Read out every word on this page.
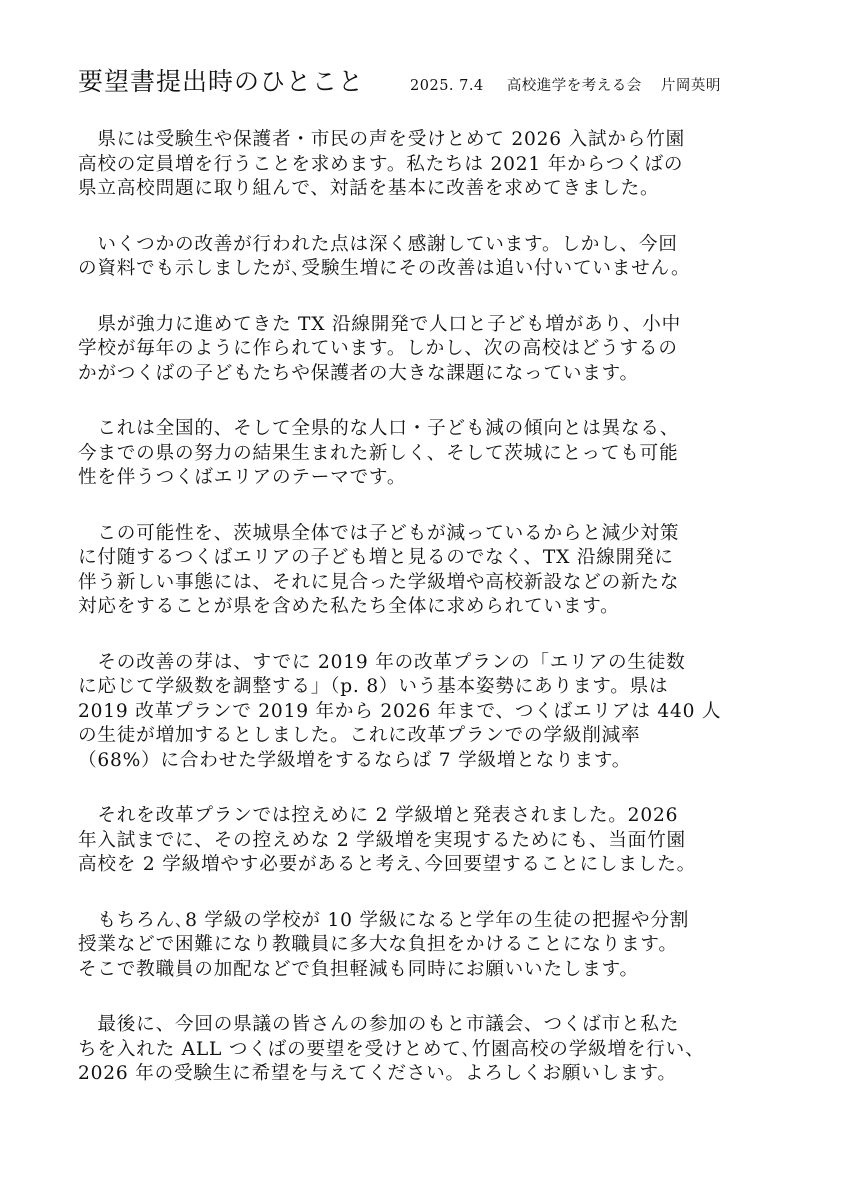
要望書提出時のひとこと	2025. 7.4 高校進学を考える会 片岡英明
　県には受験生や保護者・市民の声を受けとめて 2026 入試から竹園
高校の定員増を行うことを求めます。私たちは 2021 年からつくばの
県立高校問題に取り組んで、対話を基本に改善を求めてきました。
　いくつかの改善が行われた点は深く感謝しています。しかし、今回
の資料でも示しましたが､受験生増にその改善は追い付いていません。
　県が強力に進めてきた TX 沿線開発で人口と子ども増があり、小中
学校が毎年のように作られています。しかし、次の高校はどうするの
かがつくばの子どもたちや保護者の大きな課題になっています。
　これは全国的、そして全県的な人口・子ども減の傾向とは異なる、
今までの県の努力の結果生まれた新しく、そして茨城にとっても可能
性を伴うつくばエリアのテーマです。
　この可能性を、茨城県全体では子どもが減っているからと減少対策
に付随するつくばエリアの子ども増と見るのでなく、TX 沿線開発に
伴う新しい事態には、それに見合った学級増や高校新設などの新たな
対応をすることが県を含めた私たち全体に求められています。
　その改善の芽は、すでに 2019 年の改革プランの「エリアの生徒数
に応じて学級数を調整する」（p. 8）いう基本姿勢にあります。県は
2019 改革プランで 2019 年から 2026 年まで、つくばエリアは 440 人
の生徒が増加するとしました。これに改革プランでの学級削減率
（68%）に合わせた学級増をするならば 7 学級増となります。
　それを改革プランでは控えめに 2 学級増と発表されました。2026
年入試までに、その控えめな 2 学級増を実現するためにも、当面竹園
高校を 2 学級増やす必要があると考え､今回要望することにしました。
　もちろん､8 学級の学校が 10 学級になると学年の生徒の把握や分割
授業などで困難になり教職員に多大な負担をかけることになります。
そこで教職員の加配などで負担軽減も同時にお願いいたします。
　最後に、今回の県議の皆さんの参加のもと市議会、つくば市と私た
ちを入れた ALL つくばの要望を受けとめて､竹園高校の学級増を行い、
2026 年の受験生に希望を与えてください。よろしくお願いします。
